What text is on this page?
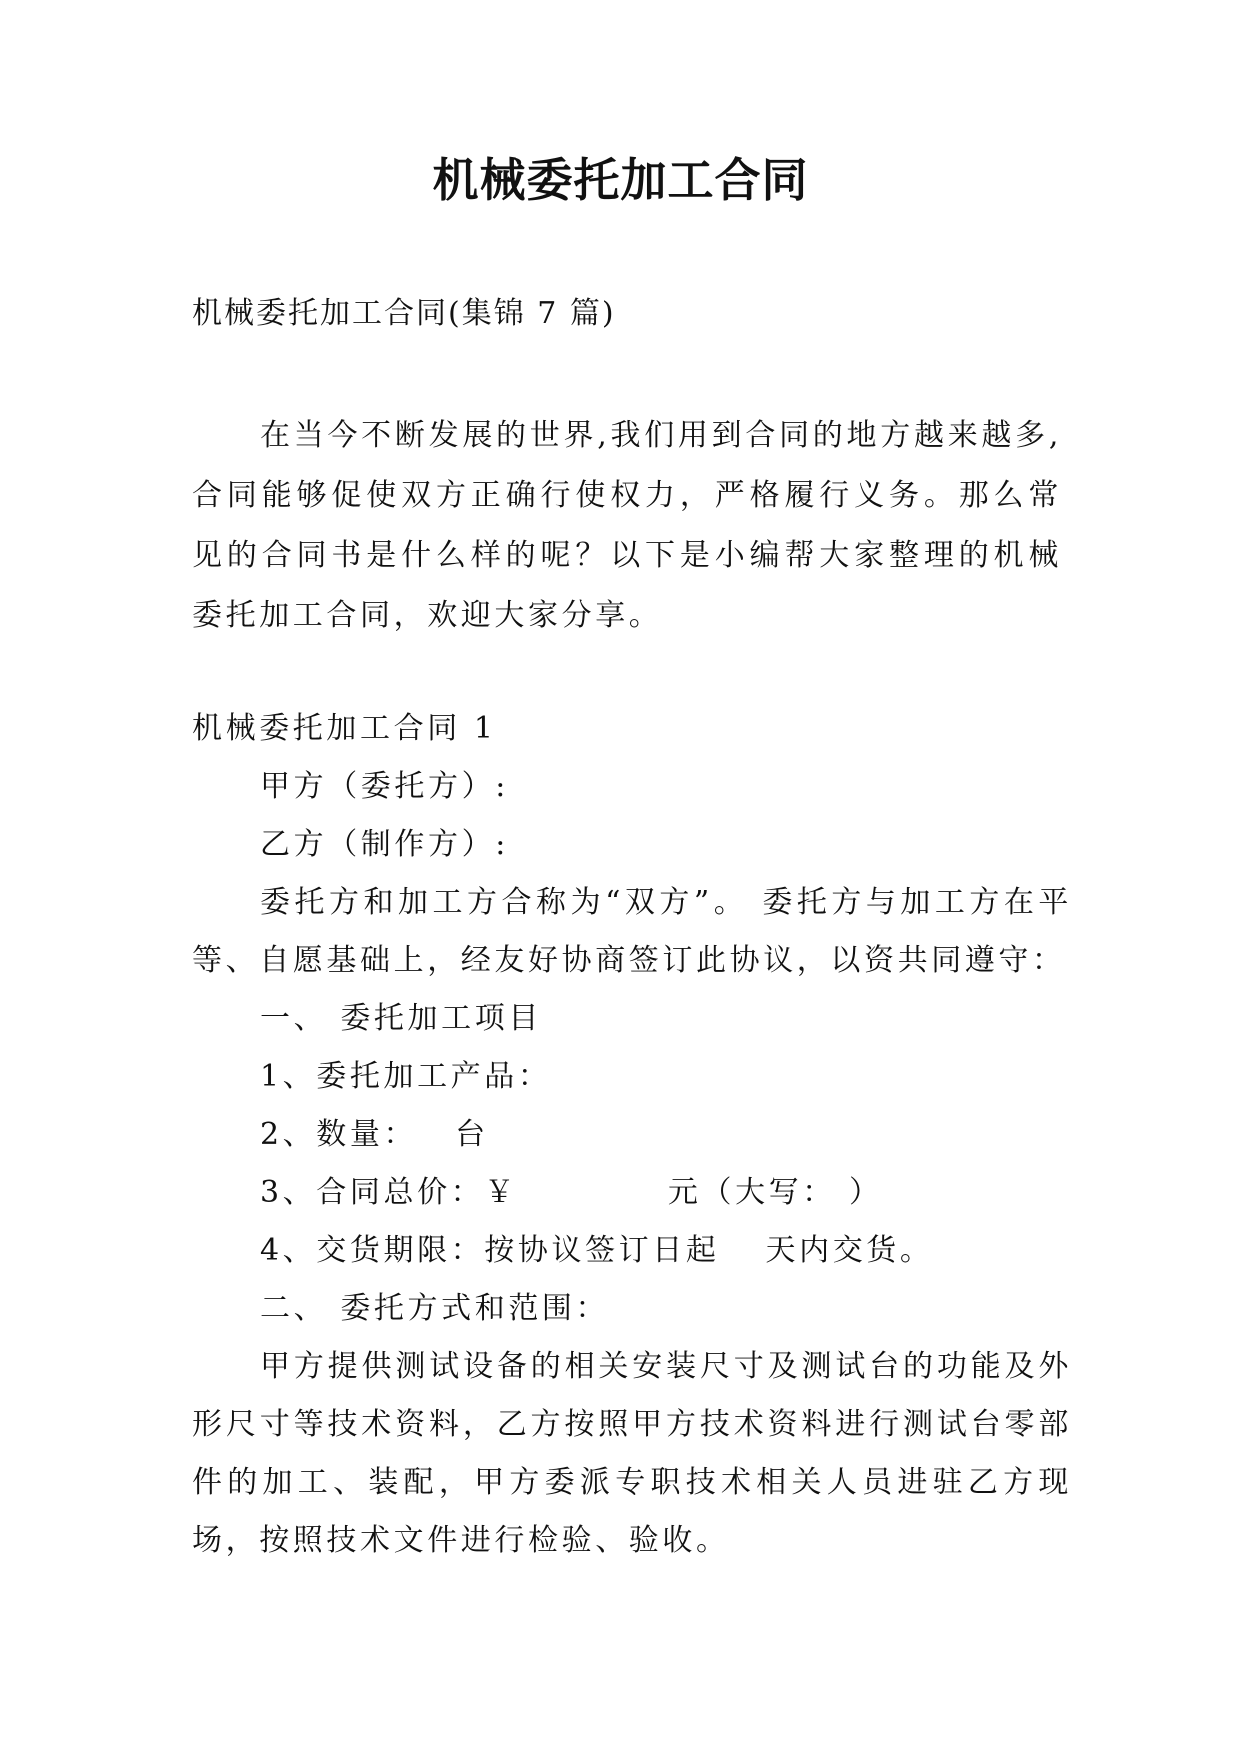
机械委托加工合同
机械委托加工合同(集锦 7 篇)
在当今不断发展的世界,我们用到合同的地方越来越多,合同能够促使双方正确行使权力，严格履行义务。那么常见的合同书是什么样的呢？以下是小编帮大家整理的机械委托加工合同，欢迎大家分享。
机械委托加工合同 1
甲方（委托方）:
乙方（制作方）:
委托方和加工方合称为“双方”。 委托方与加工方在平等、自愿基础上，经友好协商签订此协议，以资共同遵守：
一、 委托加工项目
1、委托加工产品：
2、数量： 台
3、合同总价：￥	元（大写： ）
4、交货期限：按协议签订日起 天内交货。
二、 委托方式和范围：
甲方提供测试设备的相关安装尺寸及测试台的功能及外形尺寸等技术资料，乙方按照甲方技术资料进行测试台零部件的加工、装配，甲方委派专职技术相关人员进驻乙方现场，按照技术文件进行检验、验收。
